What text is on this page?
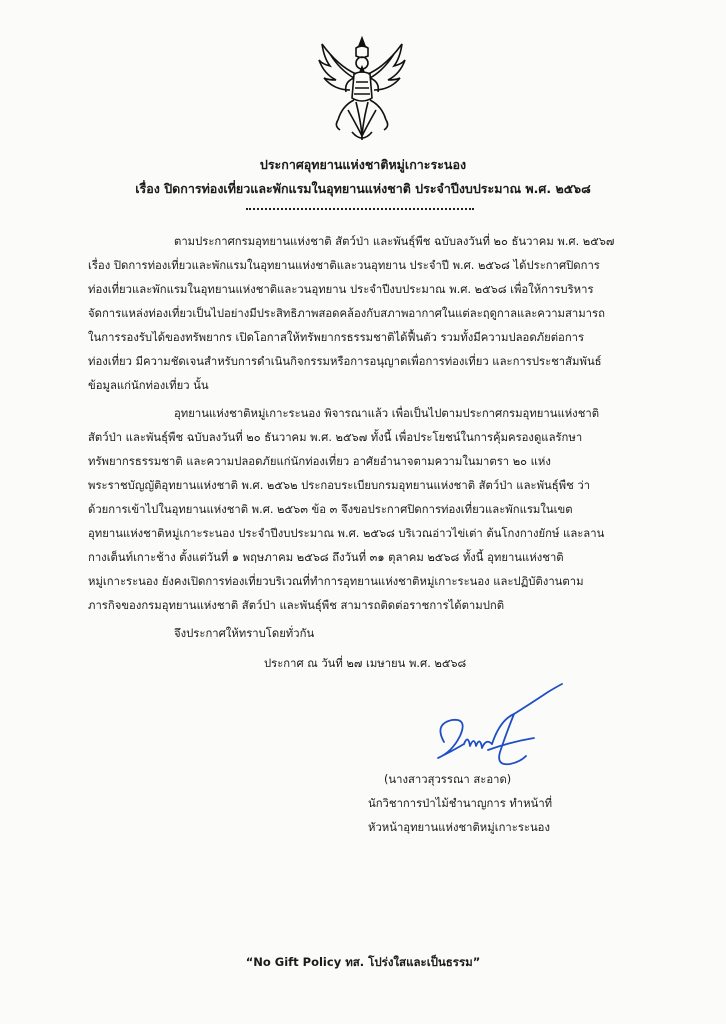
ประกาศอุทยานแห่งชาติหมู่เกาะระนอง
เรื่อง ปิดการท่องเที่ยวและพักแรมในอุทยานแห่งชาติ ประจำปีงบประมาณ พ.ศ. ๒๕๖๘
ตามประกาศกรมอุทยานแห่งชาติ สัตว์ป่า และพันธุ์พืช ฉบับลงวันที่ ๒๐ ธันวาคม พ.ศ. ๒๕๖๗
เรื่อง ปิดการท่องเที่ยวและพักแรมในอุทยานแห่งชาติและวนอุทยาน ประจำปี พ.ศ. ๒๕๖๘ ได้ประกาศปิดการ
ท่องเที่ยวและพักแรมในอุทยานแห่งชาติและวนอุทยาน ประจำปีงบประมาณ พ.ศ. ๒๕๖๘ เพื่อให้การบริหาร
จัดการแหล่งท่องเที่ยวเป็นไปอย่างมีประสิทธิภาพสอดคล้องกับสภาพอากาศในแต่ละฤดูกาลและความสามารถ
ในการรองรับได้ของทรัพยากร เปิดโอกาสให้ทรัพยากรธรรมชาติได้ฟื้นตัว รวมทั้งมีความปลอดภัยต่อการ
ท่องเที่ยว มีความชัดเจนสำหรับการดำเนินกิจกรรมหรือการอนุญาตเพื่อการท่องเที่ยว และการประชาสัมพันธ์
ข้อมูลแก่นักท่องเที่ยว นั้น
อุทยานแห่งชาติหมู่เกาะระนอง พิจารณาแล้ว เพื่อเป็นไปตามประกาศกรมอุทยานแห่งชาติ
สัตว์ป่า และพันธุ์พืช ฉบับลงวันที่ ๒๐ ธันวาคม พ.ศ. ๒๕๖๗ ทั้งนี้ เพื่อประโยชน์ในการคุ้มครองดูแลรักษา
ทรัพยากรธรรมชาติ และความปลอดภัยแก่นักท่องเที่ยว อาศัยอำนาจตามความในมาตรา ๒๐ แห่ง
พระราชบัญญัติอุทยานแห่งชาติ พ.ศ. ๒๕๖๒ ประกอบระเบียบกรมอุทยานแห่งชาติ สัตว์ป่า และพันธุ์พืช ว่า
ด้วยการเข้าไปในอุทยานแห่งชาติ พ.ศ. ๒๕๖๓ ข้อ ๓ จึงขอประกาศปิดการท่องเที่ยวและพักแรมในเขต
อุทยานแห่งชาติหมู่เกาะระนอง ประจำปีงบประมาณ พ.ศ. ๒๕๖๘ บริเวณอ่าวไข่เต่า ต้นโกงกางยักษ์ และลาน
กางเต็นท์เกาะช้าง ตั้งแต่วันที่ ๑ พฤษภาคม ๒๕๖๘ ถึงวันที่ ๓๑ ตุลาคม ๒๕๖๘ ทั้งนี้ อุทยานแห่งชาติ
หมู่เกาะระนอง ยังคงเปิดการท่องเที่ยวบริเวณที่ทำการอุทยานแห่งชาติหมู่เกาะระนอง และปฏิบัติงานตาม
ภารกิจของกรมอุทยานแห่งชาติ สัตว์ป่า และพันธุ์พืช สามารถติดต่อราชการได้ตามปกติ
จึงประกาศให้ทราบโดยทั่วกัน
ประกาศ ณ วันที่ ๒๗ เมษายน พ.ศ. ๒๕๖๘
(นางสาวสุวรรณา สะอาด)
นักวิชาการป่าไม้ชำนาญการ ทำหน้าที่
หัวหน้าอุทยานแห่งชาติหมู่เกาะระนอง
“No Gift Policy ทส. โปร่งใสและเป็นธรรม”
